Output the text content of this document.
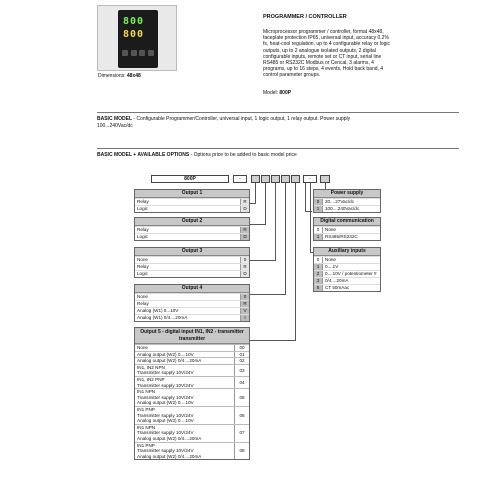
800
800
Dimensions: 48x48
PROGRAMMER / CONTROLLER
Microprocessor programmer / controller, format 48x48,
faceplate protection IP65, universal input, accuracy 0.2%
fs, heat-cool regulation, up to 4 configurable relay or logic
outputs, up to 2 analogue isolated outputs, 2 digital
configurable inputs, remote set or CT input, serial line
RS485 or RS232C Modbus or Cencal, 3 alarms, 4
programs, up to 16 steps, 4 events, Hold back band, 4
control parameter groups.
Model: 800P
BASIC MODEL - Configurable Programmer/Controller, universal input, 1 logic output, 1 relay output. Power supply
100...240Vac/dc
BASIC MODEL + AVAILABLE OPTIONS - Options price to be added to basic model price
800P	-	-
Output 1
Relay	R
Logic	D
Output 2
Relay	R
Logic	D
Output 3
None	0
Relay	R
Logic	D
Output 4
None	0
Relay	R
Analog (W1) 0...10V	V
Analog (W1) 0/4....20mA	I
Output 5 - digital input IN1, IN2 - transmitter
transmitter
None	00
Analog output (W2) 0....10V	01
Analog output (W2) 0/4....20mA	02
IN1, IN2 NPN
Transmitter supply 10V/24V
03
IN1, IN2 PNP
Transmitter supply 10V/24V
04
IN1 NPN
Transmitter supply 10V/24V
Analog output (W2) 0....10V
05
IN1 PNP
Transmitter supply 10V/24V
Analog output (W2) 0....10V
06
IN1 NPN
Transmitter supply 10V/24V
Analog output (W2) 0/4....20mA
07
IN1 PNP
Transmitter supply 10V/24V
Analog output (W2) 0/4....20mA
08
Power supply
0	20....27Vac/dc
1	100....240Vac/dc
Digital communication
0	None
1	RS485/RS232C
Auxiliary inputs
0	None
1	0....1V
2	0....10V / potentiometer #
3	0/4....20mA
5	CT 50mAac
